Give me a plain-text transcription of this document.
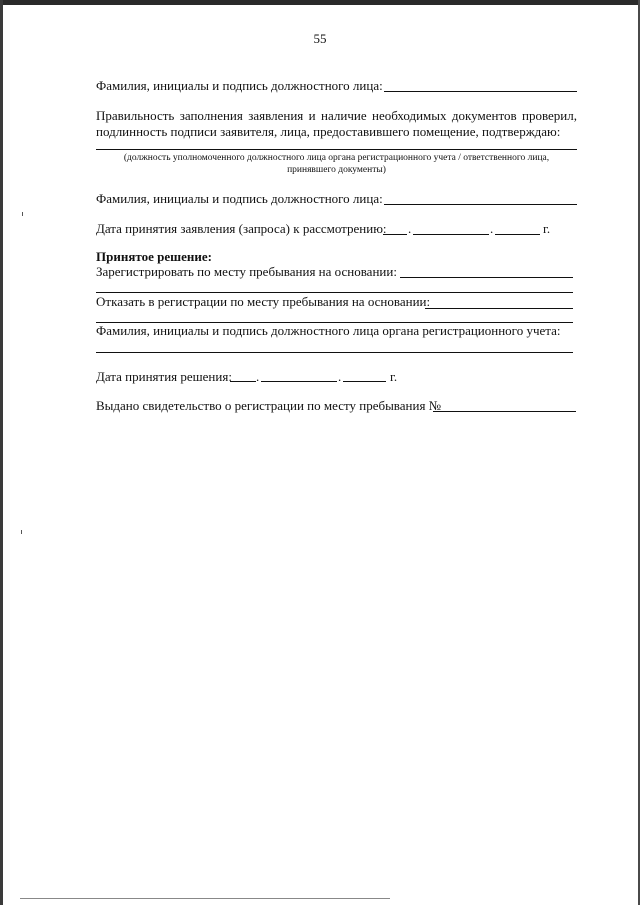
55
Фамилия, инициалы и подпись должностного лица:
Правильность заполнения заявления и наличие необходимых документов проверил,
подлинность подписи заявителя, лица, предоставившего помещение, подтверждаю:
(должность уполномоченного должностного лица органа регистрационного учета / ответственного лица,
принявшего документы)
Фамилия, инициалы и подпись должностного лица:
Дата принятия заявления (запроса) к рассмотрению: .	.	г.
Принятое решение:
Зарегистрировать по месту пребывания на основании:
Отказать в регистрации по месту пребывания на основании:
Фамилия, инициалы и подпись должностного лица органа регистрационного учета:
Дата принятия решения: .	.	г.
Выдано свидетельство о регистрации по месту пребывания №
